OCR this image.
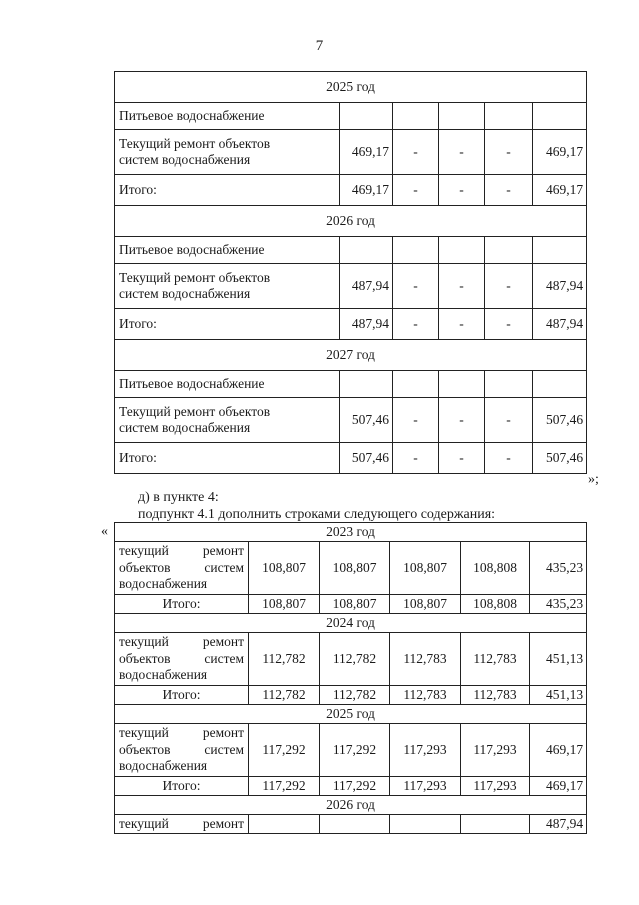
7
2025 год					
Питьевое водоснабжение					

Текущий ремонт объектов
систем водоснабжения	469,17	-	-	-	469,17
Итого:	469,17	-	-	-	469,17
2026 год					
Питьевое водоснабжение					

Текущий ремонт объектов
систем водоснабжения	487,94	-	-	-	487,94
Итого:	487,94	-	-	-	487,94
2027 год					
Питьевое водоснабжение					

Текущий ремонт объектов
систем водоснабжения	507,46	-	-	-	507,46
Итого:	507,46	-	-	-	507,46
»;
д) в пункте 4:
подпункт 4.1 дополнить строками следующего содержания:
«	2023 год					

текущий ремонт
объектов систем
водоснабжения	108,807	108,807	108,807	108,808	435,23
Итого:	108,807	108,807	108,807	108,808	435,23
2024 год					

текущий ремонт
объектов систем
водоснабжения	112,782	112,782	112,783	112,783	451,13
Итого:	112,782	112,782	112,783	112,783	451,13
2025 год					

текущий ремонт
объектов систем
водоснабжения	117,292	117,292	117,293	117,293	469,17
Итого:	117,292	117,292	117,293	117,293	469,17
2026 год					

текущий ремонт					487,94
